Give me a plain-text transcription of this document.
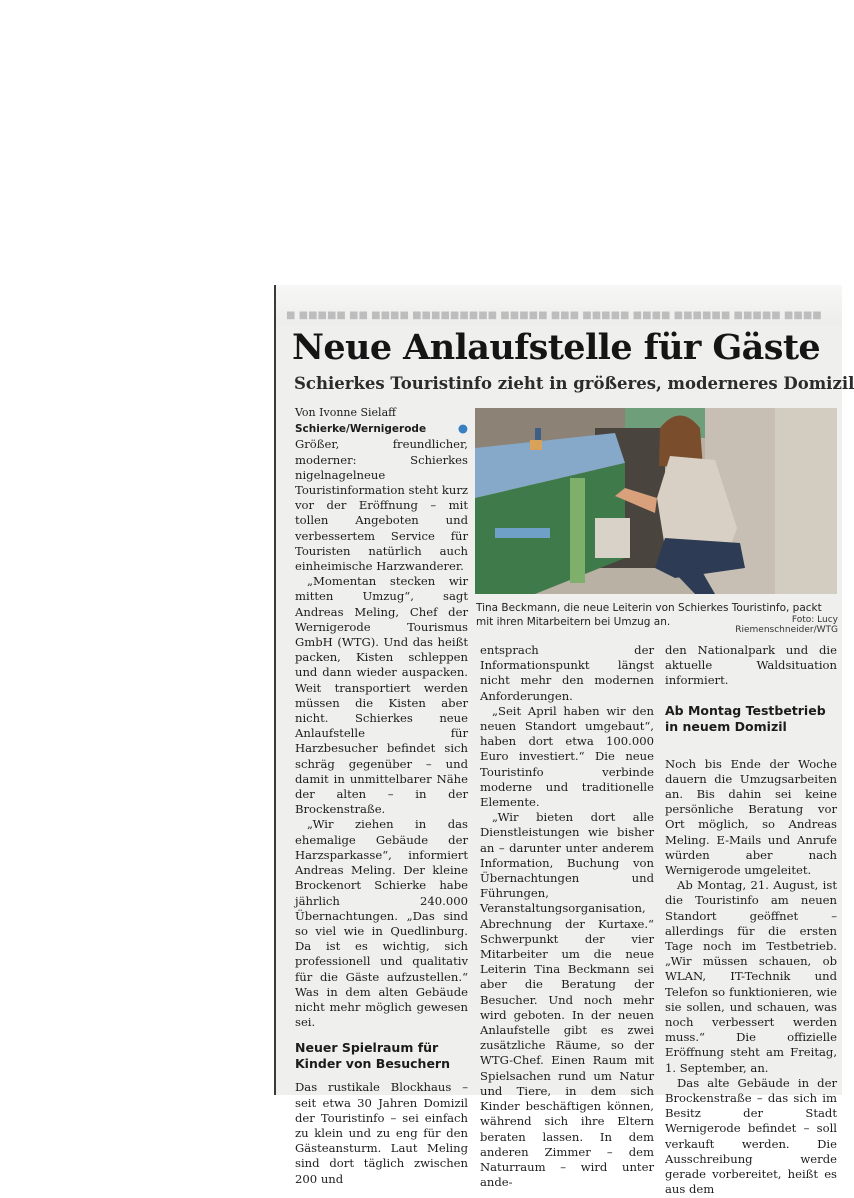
■ ■■■■■ ■■ ■■■■ ■■■■■■■■■ ■■■■■ ■■■ ■■■■■ ■■■■ ■■■■■■ ■■■■■ ■■■■
Neue Anlaufstelle für Gäste
Schierkes Touristinfo zieht in größeres, moderneres Domizil
Von Ivonne Sielaff

Schierke/Wernigerode	● Größer, freundlicher, moderner: Schierkes nigelnagelneue Touristinformation steht kurz vor der Eröffnung – mit tollen Angeboten und verbessertem Service für Touristen natürlich auch einheimische Harzwanderer.

„Momentan stecken wir mitten Umzug“, sagt Andreas Meling, Chef der Wernigerode Tourismus GmbH (WTG). Und das heißt packen, Kisten schleppen und dann wieder auspacken. Weit transportiert werden müssen die Kisten aber nicht. Schierkes neue Anlaufstelle für Harzbesucher befindet sich schräg gegenüber – und damit in unmittelbarer Nähe der alten – in der Brockenstraße.

„Wir ziehen in das ehemalige Gebäude der Harzsparkasse“, informiert Andreas Meling. Der kleine Brockenort Schierke habe jährlich 240.000 Übernachtungen. „Das sind so viel wie in Quedlinburg. Da ist es wichtig, sich professionell und qualitativ für die Gäste aufzustellen.“ Was in dem alten Gebäude nicht mehr möglich gewesen sei.

Neuer Spielraum für Kinder von Besuchern

Das rustikale Blockhaus – seit etwa 30 Jahren Domizil der Touristinfo – sei einfach zu klein und zu eng für den Gästeansturm. Laut Meling sind dort täglich zwischen 200 und

Tina Beckmann, die neue Leiterin von Schierkes Touristinfo, packt mit ihren Mitarbeitern bei Umzug an.	Foto: Lucy Riemenschneider/WTG

entsprach der Informationspunkt längst nicht mehr den modernen Anforderungen.

„Seit April haben wir den neuen Standort umgebaut“, haben dort etwa 100.000 Euro investiert.“ Die neue Touristinfo verbinde moderne und traditionelle Elemente.

„Wir bieten dort alle Dienstleistungen wie bisher an – darunter unter anderem Information, Buchung von Übernachtungen und Führungen, Veranstaltungsorganisation, Abrechnung der Kurtaxe.“ Schwerpunkt der vier Mitarbeiter um die neue Leiterin Tina Beckmann sei aber die Beratung der Besucher. Und noch mehr wird geboten. In der neuen Anlaufstelle gibt es zwei zusätzliche Räume, so der WTG-Chef. Einen Raum mit Spielsachen rund um Natur und Tiere, in dem sich Kinder beschäftigen können, während sich ihre Eltern beraten lassen. In dem anderen Zimmer – dem Naturraum – wird unter ande-

den Nationalpark und die aktuelle Waldsituation informiert.

Ab Montag Testbetrieb in neuem Domizil

Noch bis Ende der Woche dauern die Umzugsarbeiten an. Bis dahin sei keine persönliche Beratung vor Ort möglich, so Andreas Meling. E-Mails und Anrufe würden aber nach Wernigerode umgeleitet.

Ab Montag, 21. August, ist die Touristinfo am neuen Standort geöffnet – allerdings für die ersten Tage noch im Testbetrieb. „Wir müssen schauen, ob WLAN, IT-Technik und Telefon so funktionieren, wie sie sollen, und schauen, was noch verbessert werden muss.“ Die offizielle Eröffnung steht am Freitag, 1. September, an.

Das alte Gebäude in der Brockenstraße – das sich im Besitz der Stadt Wernigerode befindet – soll verkauft werden. Die Ausschreibung werde gerade vorbereitet, heißt es aus dem
